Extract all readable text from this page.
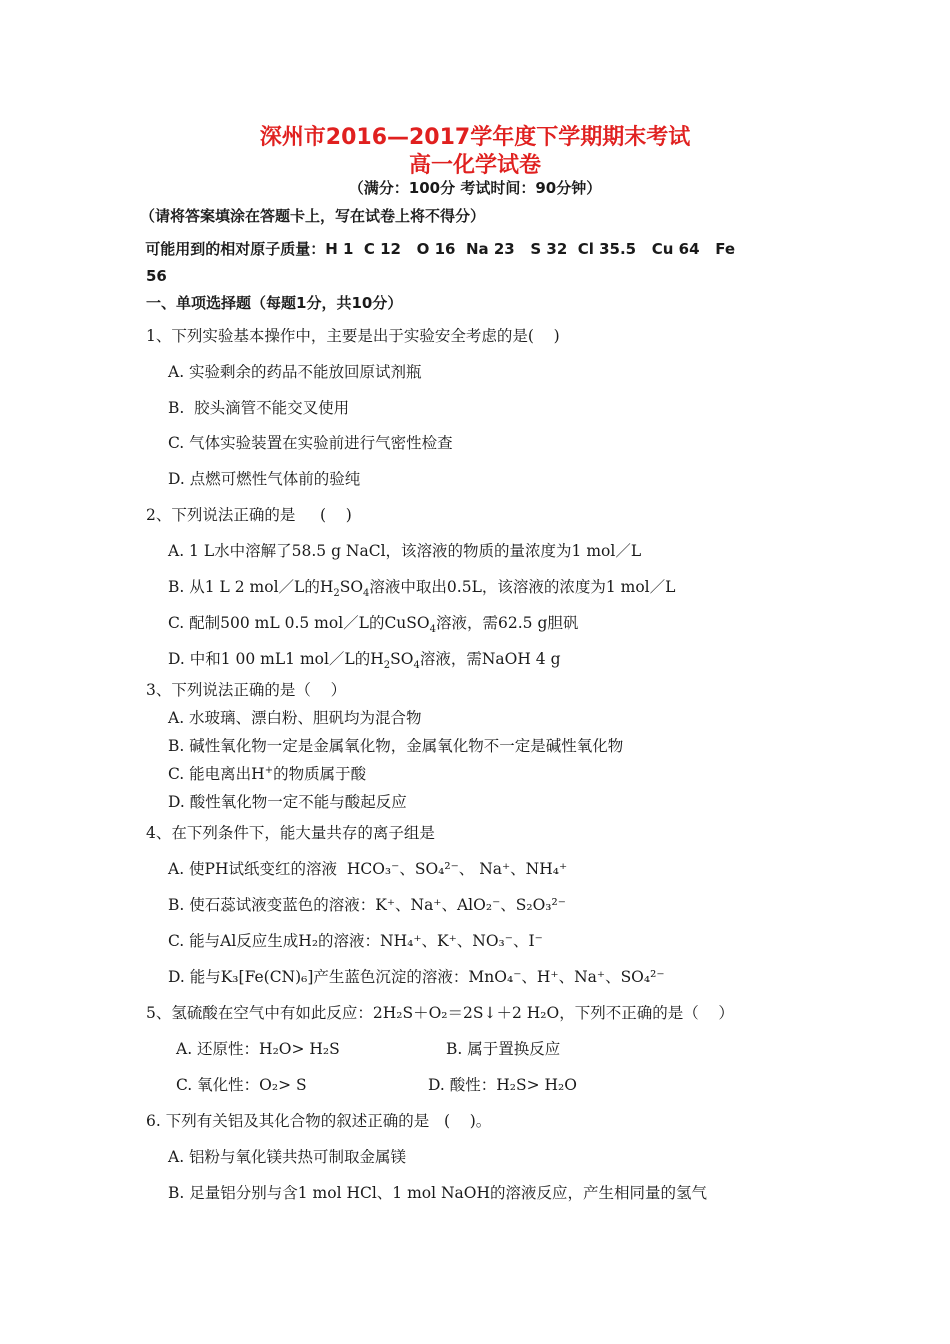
深州市2016—2017学年度下学期期末考试
高一化学试卷
（满分：100分 考试时间：90分钟）
（请将答案填涂在答题卡上，写在试卷上将不得分）
可能用到的相对原子质量：H 1  C 12   O 16  Na 23   S 32  Cl 35.5   Cu 64   Fe
56
一、单项选择题（每题1分，共10分）
1、下列实验基本操作中，主要是出于实验安全考虑的是(    )
A. 实验剩余的药品不能放回原试剂瓶
B.  胶头滴管不能交叉使用
C. 气体实验装置在实验前进行气密性检查
D. 点燃可燃性气体前的验纯
2、下列说法正确的是     (    )
A. 1 L水中溶解了58.5 g NaCl，该溶液的物质的量浓度为1 mol／L
B. 从1 L 2 mol／L的$H_2SO_4$溶液中取出0.5L，该溶液的浓度为1 mol／L
C. 配制500 mL 0.5 mol／L的CuSO$_4$溶液，需62.5 g胆矾
D. 中和1 00 mL1 mol／L的$H_2SO_4$溶液，需NaOH 4 g
3、下列说法正确的是（    ）
A. 水玻璃、漂白粉、胆矾均为混合物
B. 碱性氧化物一定是金属氧化物，金属氧化物不一定是碱性氧化物
C. 能电离出H+的物质属于酸
D. 酸性氧化物一定不能与酸起反应
4、在下列条件下，能大量共存的离子组是
A. 使PH试纸变红的溶液  HCO₃⁻、SO₄²⁻、 Na⁺、NH₄⁺
B. 使石蕊试液变蓝色的溶液：K⁺、Na⁺、AlO₂⁻、S₂O₃²⁻
C. 能与Al反应生成H₂的溶液：NH₄⁺、K⁺、NO₃⁻、I⁻
D. 能与K₃[Fe(CN)₆]产生蓝色沉淀的溶液：MnO₄⁻、H⁺、Na⁺、SO₄²⁻
5、氢硫酸在空气中有如此反应：2H₂S＋O₂＝2S↓＋2 H₂O，下列不正确的是（    ）
A. 还原性：H₂O> H₂S	B. 属于置换反应
C. 氧化性：O₂> S	D. 酸性：H₂S> H₂O
6. 下列有关铝及其化合物的叙述正确的是   (    )。
A. 铝粉与氧化镁共热可制取金属镁
B. 足量铝分别与含1 mol HCl、1 mol NaOH的溶液反应，产生相同量的氢气
